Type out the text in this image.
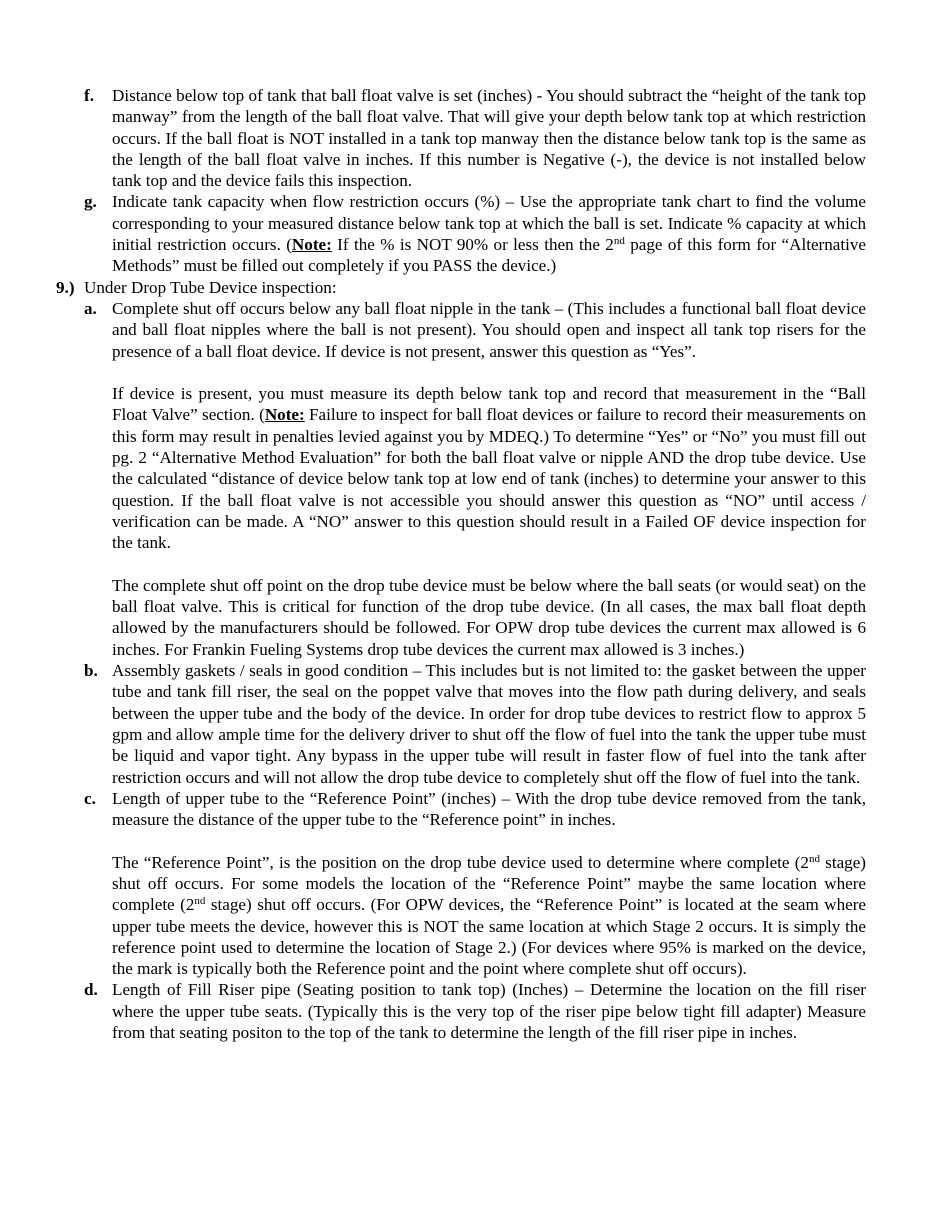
f. Distance below top of tank that ball float valve is set (inches) - You should subtract the “height of the tank top manway” from the length of the ball float valve. That will give your depth below tank top at which restriction occurs. If the ball float is NOT installed in a tank top manway then the distance below tank top is the same as the length of the ball float valve in inches. If this number is Negative (-), the device is not installed below tank top and the device fails this inspection.

g. Indicate tank capacity when flow restriction occurs (%) – Use the appropriate tank chart to find the volume corresponding to your measured distance below tank top at which the ball is set. Indicate % capacity at which initial restriction occurs. (Note: If the % is NOT 90% or less then the 2nd page of this form for “Alternative Methods” must be filled out completely if you PASS the device.)

9.) Under Drop Tube Device inspection:

a. Complete shut off occurs below any ball float nipple in the tank – (This includes a functional ball float device and ball float nipples where the ball is not present). You should open and inspect all tank top risers for the presence of a ball float device. If device is not present, answer this question as “Yes”.

If device is present, you must measure its depth below tank top and record that measurement in the “Ball Float Valve” section. (Note: Failure to inspect for ball float devices or failure to record their measurements on this form may result in penalties levied against you by MDEQ.) To determine “Yes” or “No” you must fill out pg. 2 “Alternative Method Evaluation” for both the ball float valve or nipple AND the drop tube device. Use the calculated “distance of device below tank top at low end of tank (inches) to determine your answer to this question. If the ball float valve is not accessible you should answer this question as “NO” until access / verification can be made. A “NO” answer to this question should result in a Failed OF device inspection for the tank.

The complete shut off point on the drop tube device must be below where the ball seats (or would seat) on the ball float valve. This is critical for function of the drop tube device. (In all cases, the max ball float depth allowed by the manufacturers should be followed. For OPW drop tube devices the current max allowed is 6 inches. For Frankin Fueling Systems drop tube devices the current max allowed is 3 inches.)

b. Assembly gaskets / seals in good condition – This includes but is not limited to: the gasket between the upper tube and tank fill riser, the seal on the poppet valve that moves into the flow path during delivery, and seals between the upper tube and the body of the device. In order for drop tube devices to restrict flow to approx 5 gpm and allow ample time for the delivery driver to shut off the flow of fuel into the tank the upper tube must be liquid and vapor tight. Any bypass in the upper tube will result in faster flow of fuel into the tank after restriction occurs and will not allow the drop tube device to completely shut off the flow of fuel into the tank.

c. Length of upper tube to the “Reference Point” (inches) – With the drop tube device removed from the tank, measure the distance of the upper tube to the “Reference point” in inches.

The “Reference Point”, is the position on the drop tube device used to determine where complete (2nd stage) shut off occurs. For some models the location of the “Reference Point” maybe the same location where complete (2nd stage) shut off occurs. (For OPW devices, the “Reference Point” is located at the seam where upper tube meets the device, however this is NOT the same location at which Stage 2 occurs. It is simply the reference point used to determine the location of Stage 2.) (For devices where 95% is marked on the device, the mark is typically both the Reference point and the point where complete shut off occurs).

d. Length of Fill Riser pipe (Seating position to tank top) (Inches) – Determine the location on the fill riser where the upper tube seats. (Typically this is the very top of the riser pipe below tight fill adapter) Measure from that seating positon to the top of the tank to determine the length of the fill riser pipe in inches.
